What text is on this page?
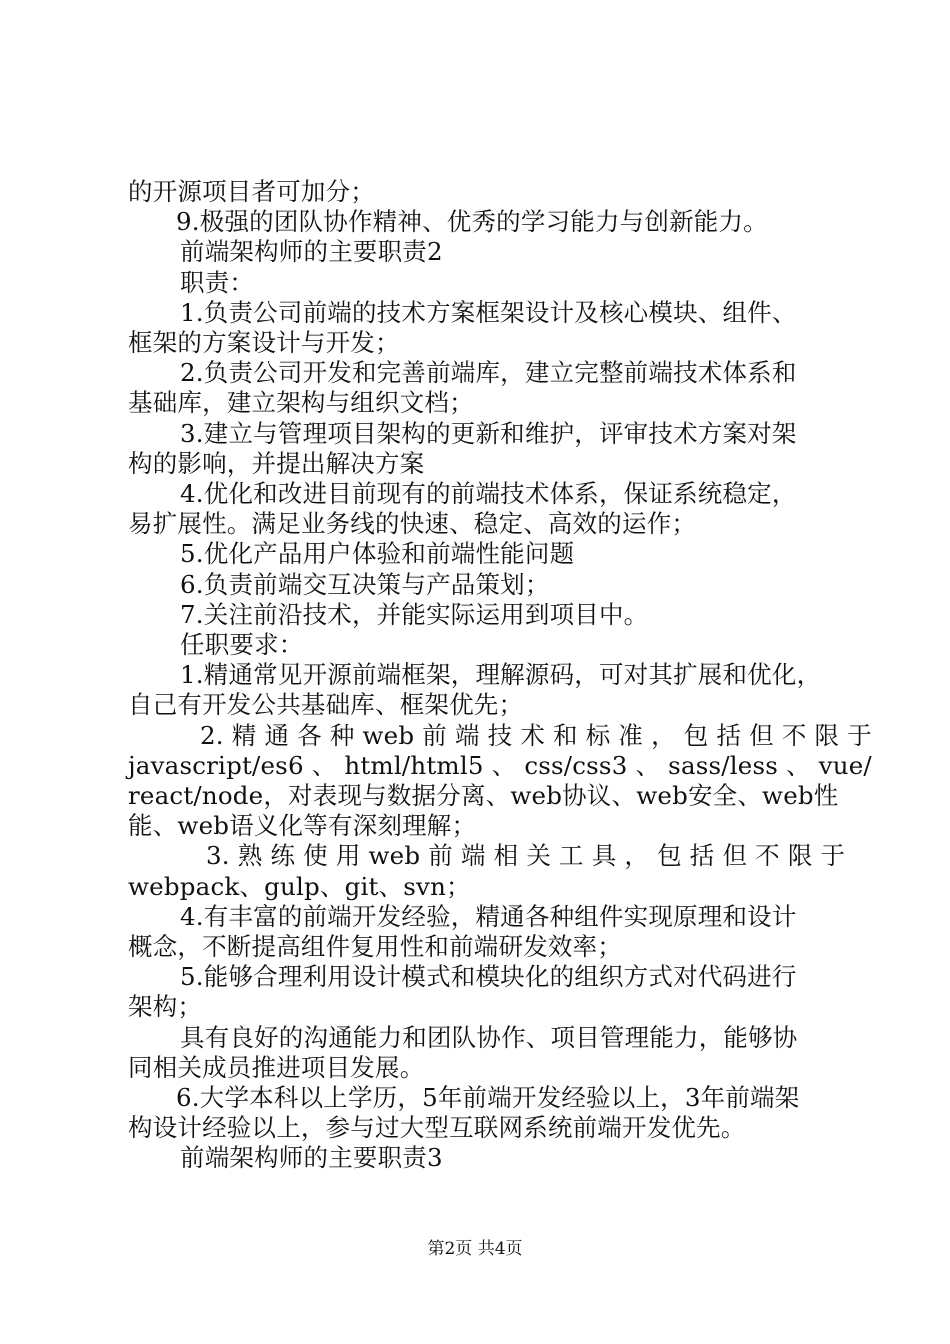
的开源项目者可加分；
9.极强的团队协作精神、优秀的学习能力与创新能力。
前端架构师的主要职责2
职责：
1.负责公司前端的技术方案框架设计及核心模块、组件、
框架的方案设计与开发；
2.负责公司开发和完善前端库，建立完整前端技术体系和
基础库，建立架构与组织文档；
3.建立与管理项目架构的更新和维护，评审技术方案对架
构的影响，并提出解决方案
4.优化和改进目前现有的前端技术体系，保证系统稳定，
易扩展性。满足业务线的快速、稳定、高效的运作；
5.优化产品用户体验和前端性能问题
6.负责前端交互决策与产品策划；
7.关注前沿技术，并能实际运用到项目中。
任职要求：
1.精通常见开源前端框架，理解源码，可对其扩展和优化，
自己有开发公共基础库、框架优先；
2. 精 通 各 种 web 前 端 技 术 和 标 准 ， 包 括 但 不 限 于
javascript/es6 、 html/html5 、 css/css3 、 sass/less 、 vue/
react/node，对表现与数据分离、web协议、web安全、web性
能、web语义化等有深刻理解；
3. 熟 练 使 用 web 前 端 相 关 工 具 ， 包 括 但 不 限 于
webpack、gulp、git、svn；
4.有丰富的前端开发经验，精通各种组件实现原理和设计
概念，不断提高组件复用性和前端研发效率；
5.能够合理利用设计模式和模块化的组织方式对代码进行
架构；
具有良好的沟通能力和团队协作、项目管理能力，能够协
同相关成员推进项目发展。
6.大学本科以上学历，5年前端开发经验以上，3年前端架
构设计经验以上，参与过大型互联网系统前端开发优先。
前端架构师的主要职责3
第2页 共4页
